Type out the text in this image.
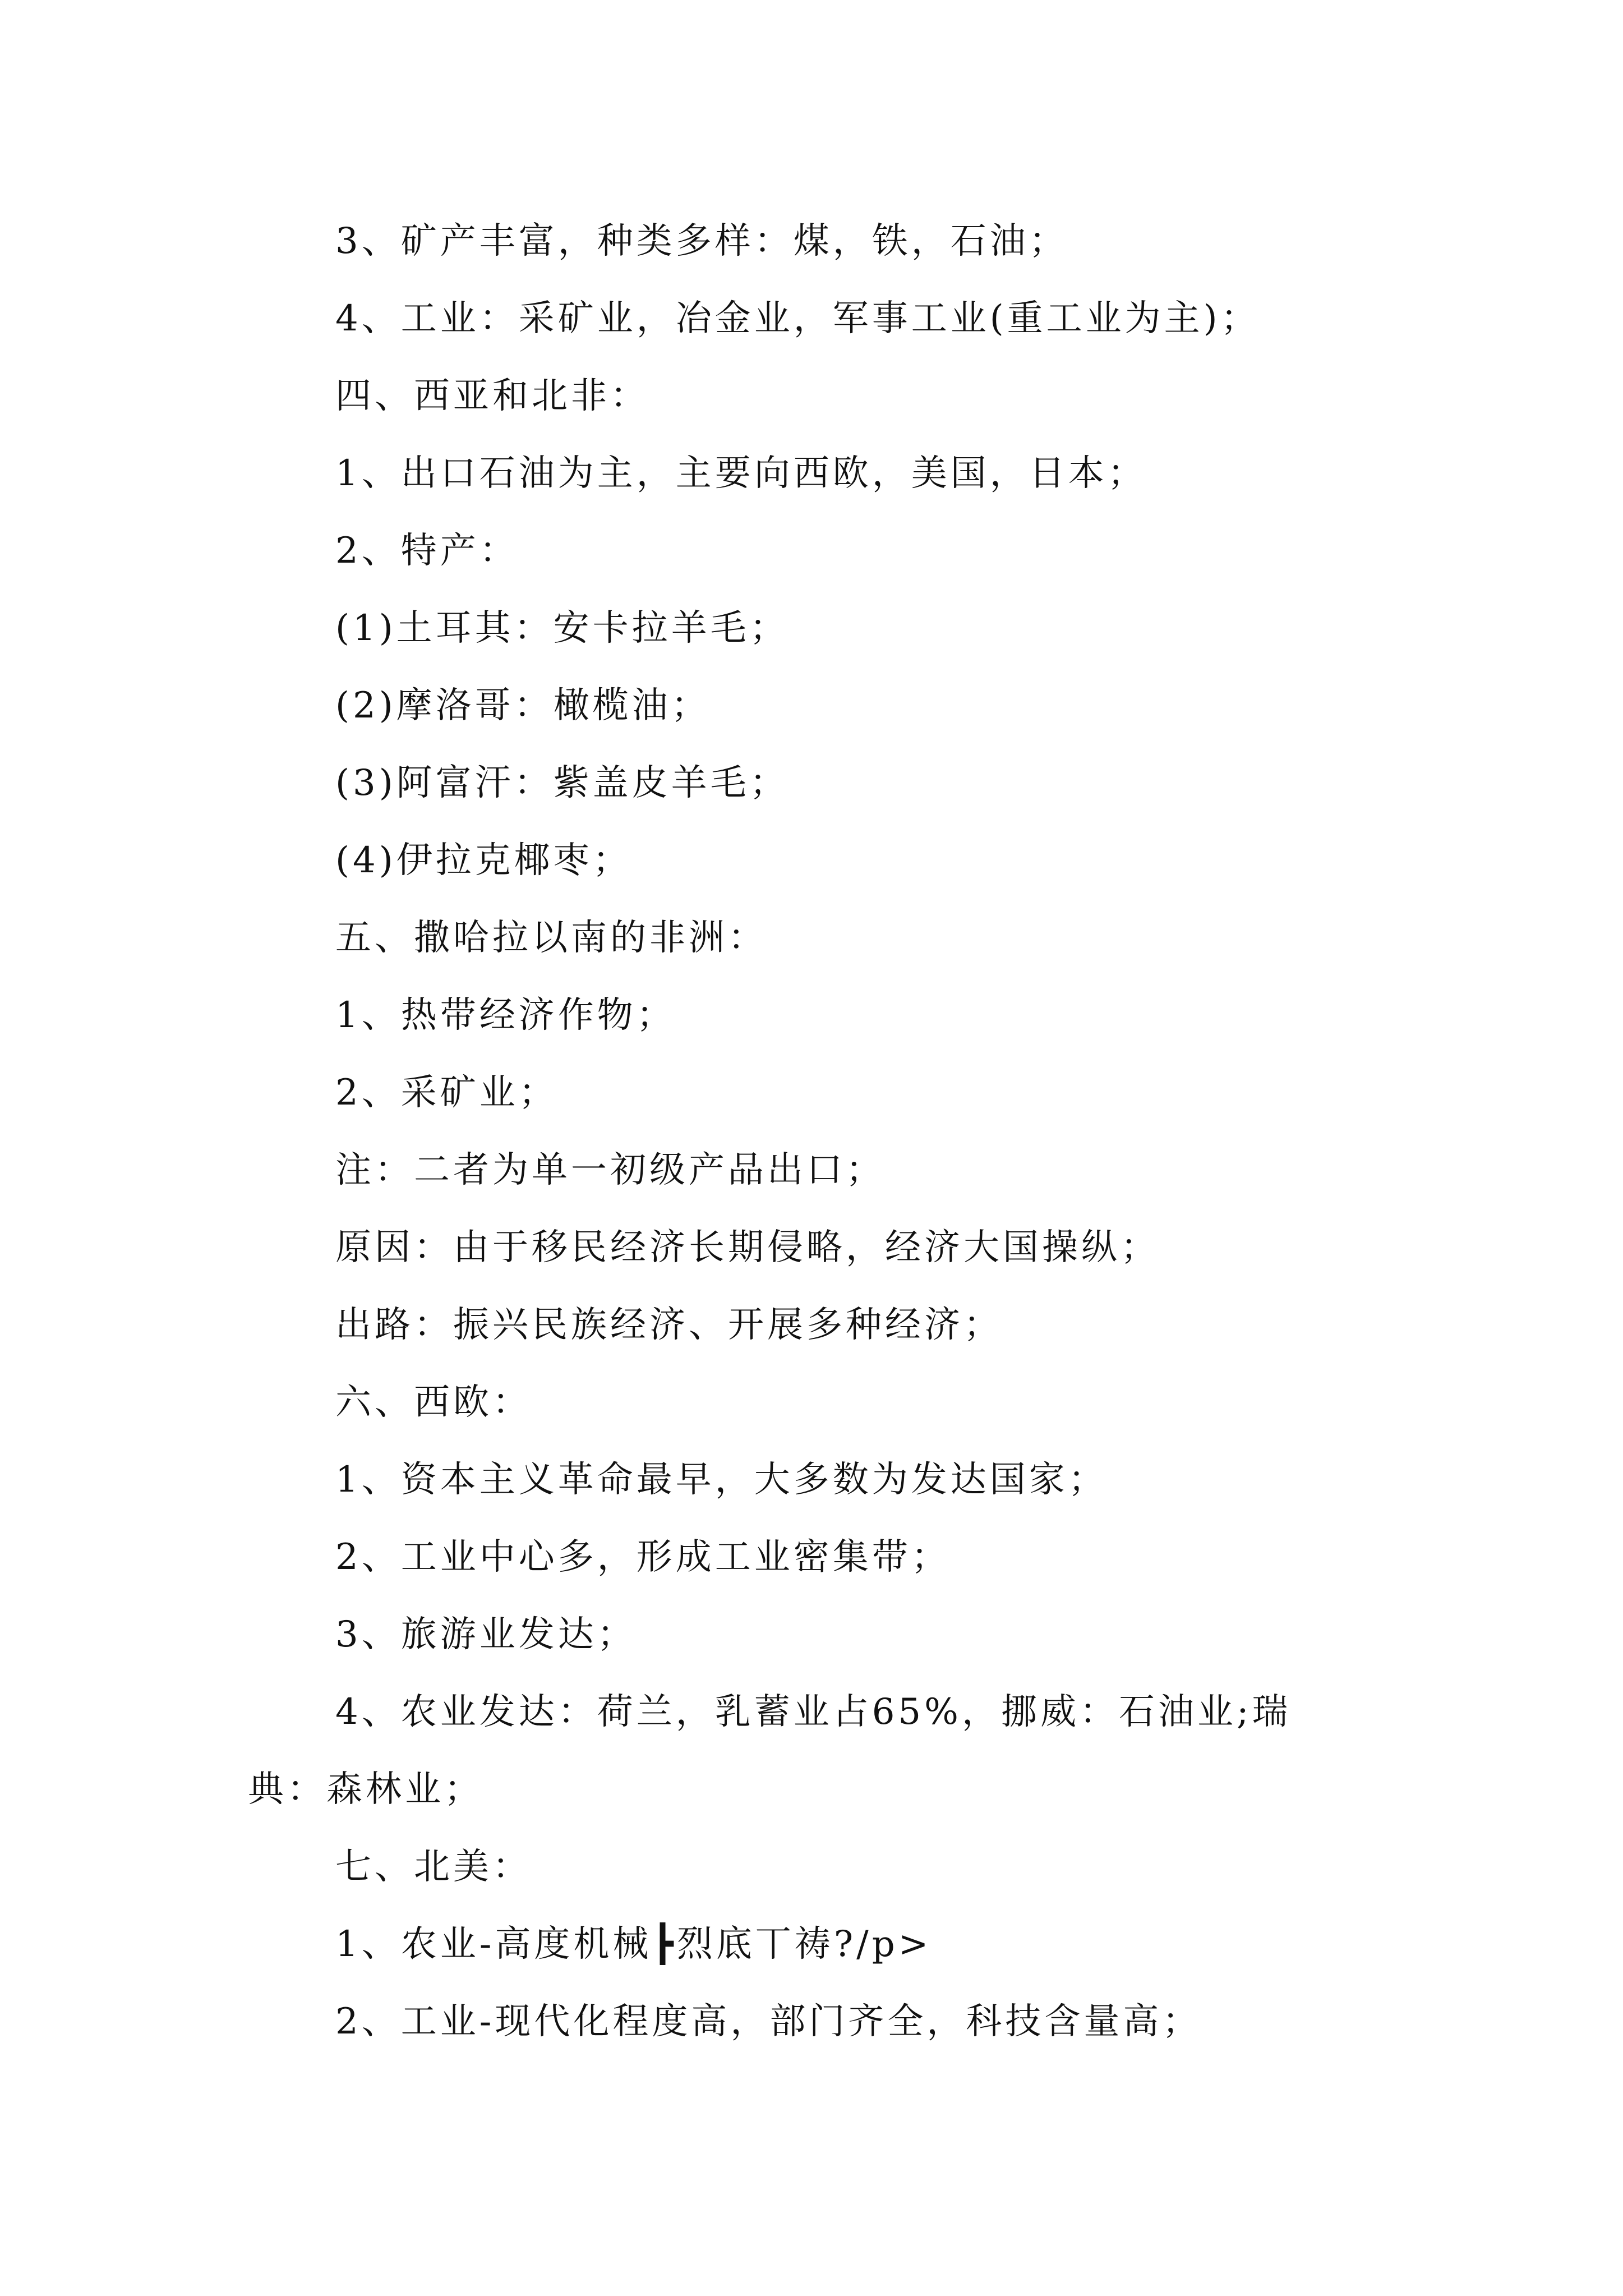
3、矿产丰富，种类多样：煤，铁，石油；
4、工业：采矿业，冶金业，军事工业(重工业为主)；
四、西亚和北非：
1、出口石油为主，主要向西欧，美国，日本；
2、特产：
(1)土耳其：安卡拉羊毛；
(2)摩洛哥：橄榄油；
(3)阿富汗：紫盖皮羊毛；
(4)伊拉克椰枣；
五、撒哈拉以南的非洲：
1、热带经济作物；
2、采矿业；
注：二者为单一初级产品出口；
原因：由于移民经济长期侵略，经济大国操纵；
出路：振兴民族经济、开展多种经济；
六、西欧：
1、资本主义革命最早，大多数为发达国家；
2、工业中心多，形成工业密集带；
3、旅游业发达；
4、农业发达：荷兰，乳蓄业占65%，挪威：石油业;瑞
典：森林业；
七、北美：
1、农业-高度机械┣烈底丅祷?/p>
2、工业-现代化程度高，部门齐全，科技含量高；
